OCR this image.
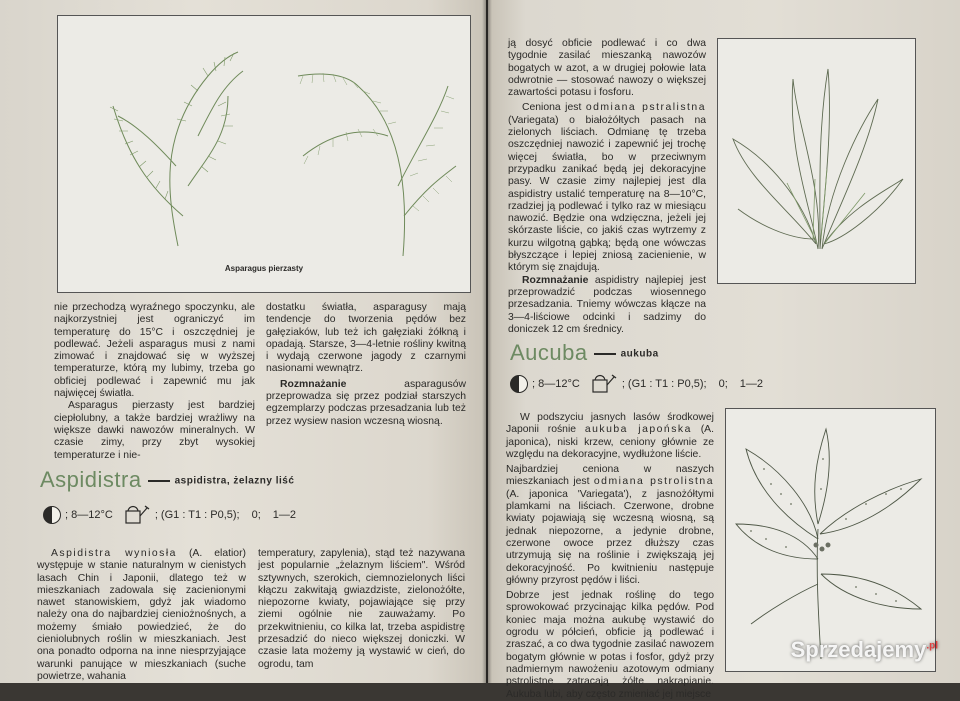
Asparagus pierzasty

nie przechodzą wyraźnego spoczynku, ale najkorzystniej jest ograniczyć im temperaturę do 15°C i oszczędniej je podlewać. Jeżeli asparagus musi z nami zimować i znajdować się w wyższej temperaturze, którą my lubimy, trzeba go obficiej podlewać i zapewnić mu jak najwięcej światła.

Asparagus pierzasty jest bardziej ciepłolubny, a także bardziej wrażliwy na większe dawki nawozów mineralnych. W czasie zimy, przy zbyt wysokiej temperaturze i nie-

dostatku światła, asparagusy mają tendencje do tworzenia pędów bez gałęziaków, lub też ich gałęziaki żółkną i opadają. Starsze, 3—4-letnie rośliny kwitną i wydają czerwone jagody z czarnymi nasionami wewnątrz.

Rozmnażanie asparagusów przeprowadza się przez podział starszych egzemplarzy podczas przesadzania lub też przez wysiew nasion wczesną wiosną.

Aspidistra	aspidistra, żelazny liść
; 8—12°C	; (G1 : T1 : P0,5); 0; 1—2

Aspidistra wyniosła (A. elatior) występuje w stanie naturalnym w cienistych lasach Chin i Japonii, dlatego też w mieszkaniach zadowala się zacienionymi nawet stanowiskiem, gdyż jak wiadomo należy ona do najbardziej cieniożnośnych, a możemy śmiało powiedzieć, że do cieniolubnych roślin w mieszkaniach. Jest ona ponadto odporna na inne niesprzyjające warunki panujące w mieszkaniach (suche powietrze, wahania

temperatury, zapylenia), stąd też nazywana jest popularnie „żelaznym liściem". Wśród sztywnych, szerokich, ciemnozielonych liści kłączu zakwitają gwiazdziste, zielonożółte, niepozorne kwiaty, pojawiające się przy ziemi ogólnie nie zauważamy. Po przekwitnieniu, co kilka lat, trzeba aspidistrę przesadzić do nieco większej doniczki. W czasie lata możemy ją wystawić w cień, do ogrodu, tam

ją dosyć obficie podlewać i co dwa tygodnie zasilać mieszanką nawozów bogatych w azot, a w drugiej połowie lata odwrotnie — stosować nawozy o większej zawartości potasu i fosforu.

Ceniona jest odmiana pstralistna (Variegata) o białożółtych pasach na zielonych liściach. Odmianę tę trzeba oszczędniej nawozić i zapewnić jej trochę więcej światła, bo w przeciwnym przypadku zanikać będą jej dekoracyjne pasy. W czasie zimy najlepiej jest dla aspidistry ustalić temperaturę na 8—10°C, rzadziej ją podlewać i tylko raz w miesiącu nawozić. Będzie ona wdzięczna, jeżeli jej skórzaste liście, co jakiś czas wytrzemy z kurzu wilgotną gąbką; będą one wówczas błyszczące i lepiej zniosą zacienienie, w którym się znajdują.

Rozmnażanie aspidistry najlepiej jest przeprowadzić podczas wiosennego przesadzania. Tniemy wówczas kłącze na 3—4-liściowe odcinki i sadzimy do doniczek 12 cm średnicy.

Aucuba	aukuba
; 8—12°C	; (G1 : T1 : P0,5); 0; 1—2

W podszyciu jasnych lasów środkowej Japonii rośnie aukuba japońska (A. japonica), niski krzew, ceniony głównie ze względu na dekoracyjne, wydłużone liście.

Najbardziej ceniona w naszych mieszkaniach jest odmiana pstrolistna (A. japonica 'Variegata'), z jasnożółtymi plamkami na liściach. Czerwone, drobne kwiaty pojawiają się wczesną wiosną, są jednak niepozorne, a jedynie drobne, czerwone owoce przez dłuższy czas utrzymują się na roślinie i zwiększają jej dekoracyjność. Po kwitnieniu następuje główny przyrost pędów i liści.

Dobrze jest jednak roślinę do tego sprowokować przycinając kilka pędów. Pod koniec maja można aukubę wystawić do ogrodu w półcień, obficie ją podlewać i zraszać, a co dwa tygodnie zasilać nawozem bogatym głównie w potas i fosfor, gdyż przy nadmiernym nawożeniu azotowym odmiany pstrolistne zatracają żółte nakrapianie. Aukuba lubi, aby często zmieniać jej miejsce

Sprzedajemy$^{.pl}$
